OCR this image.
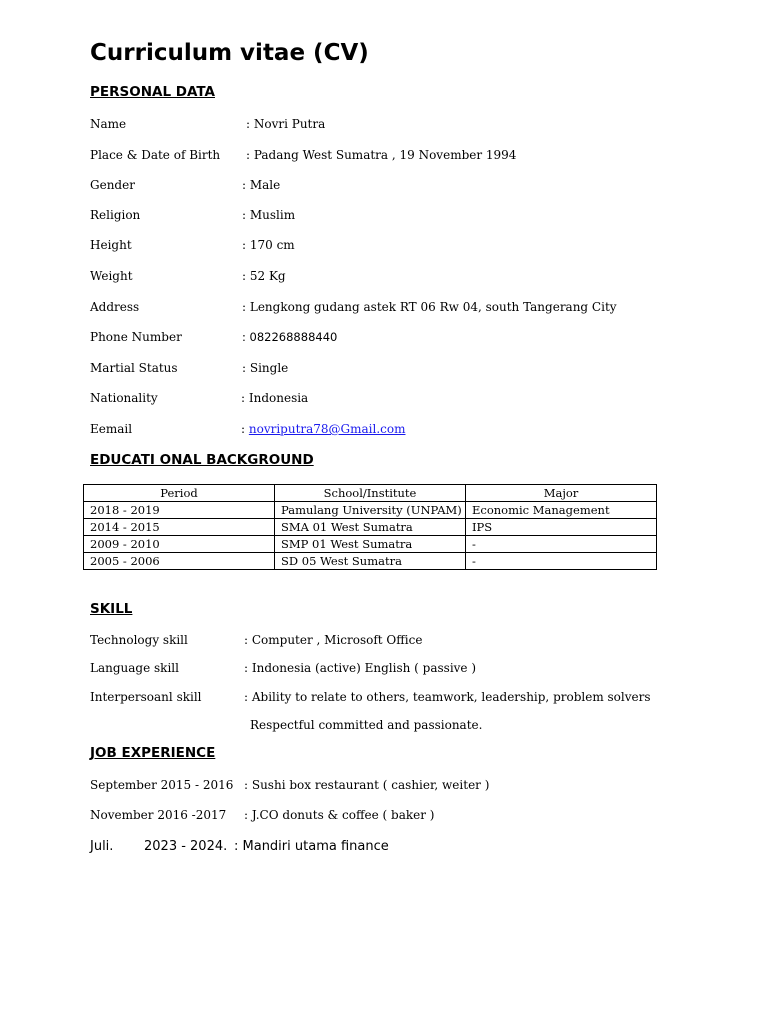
Curriculum vitae (CV)
PERSONAL DATA
Name	: Novri Putra
Place & Date of Birth : Padang West Sumatra , 19 November 1994
Gender	: Male
Religion	: Muslim
Height	: 170 cm
Weight	: 52 Kg
Address	: Lengkong gudang astek RT 06 Rw 04, south Tangerang City
Phone Number	: 082268888440
Martial Status	: Single
Nationality	: Indonesia
Eemail	: novriputra78@Gmail.com
EDUCATI ONAL BACKGROUND
Period	School/Institute	Major
2018 - 2019	Pamulang University (UNPAM)	Economic Management
2014 - 2015	SMA 01 West Sumatra	IPS
2009 - 2010	SMP 01 West Sumatra	-
2005 - 2006	SD 05 West Sumatra	-
SKILL
Technology skill	: Computer , Microsoft Office
Language skill	: Indonesia (active) English ( passive )
Interpersoanl skill	: Ability to relate to others, teamwork, leadership, problem solvers
Respectful committed and passionate.
JOB EXPERIENCE
September 2015 - 2016 : Sushi box restaurant ( cashier, weiter )
November 2016 -2017 : J.CO donuts & coffee ( baker )
Juli. 2023 - 2024. : Mandiri utama finance
